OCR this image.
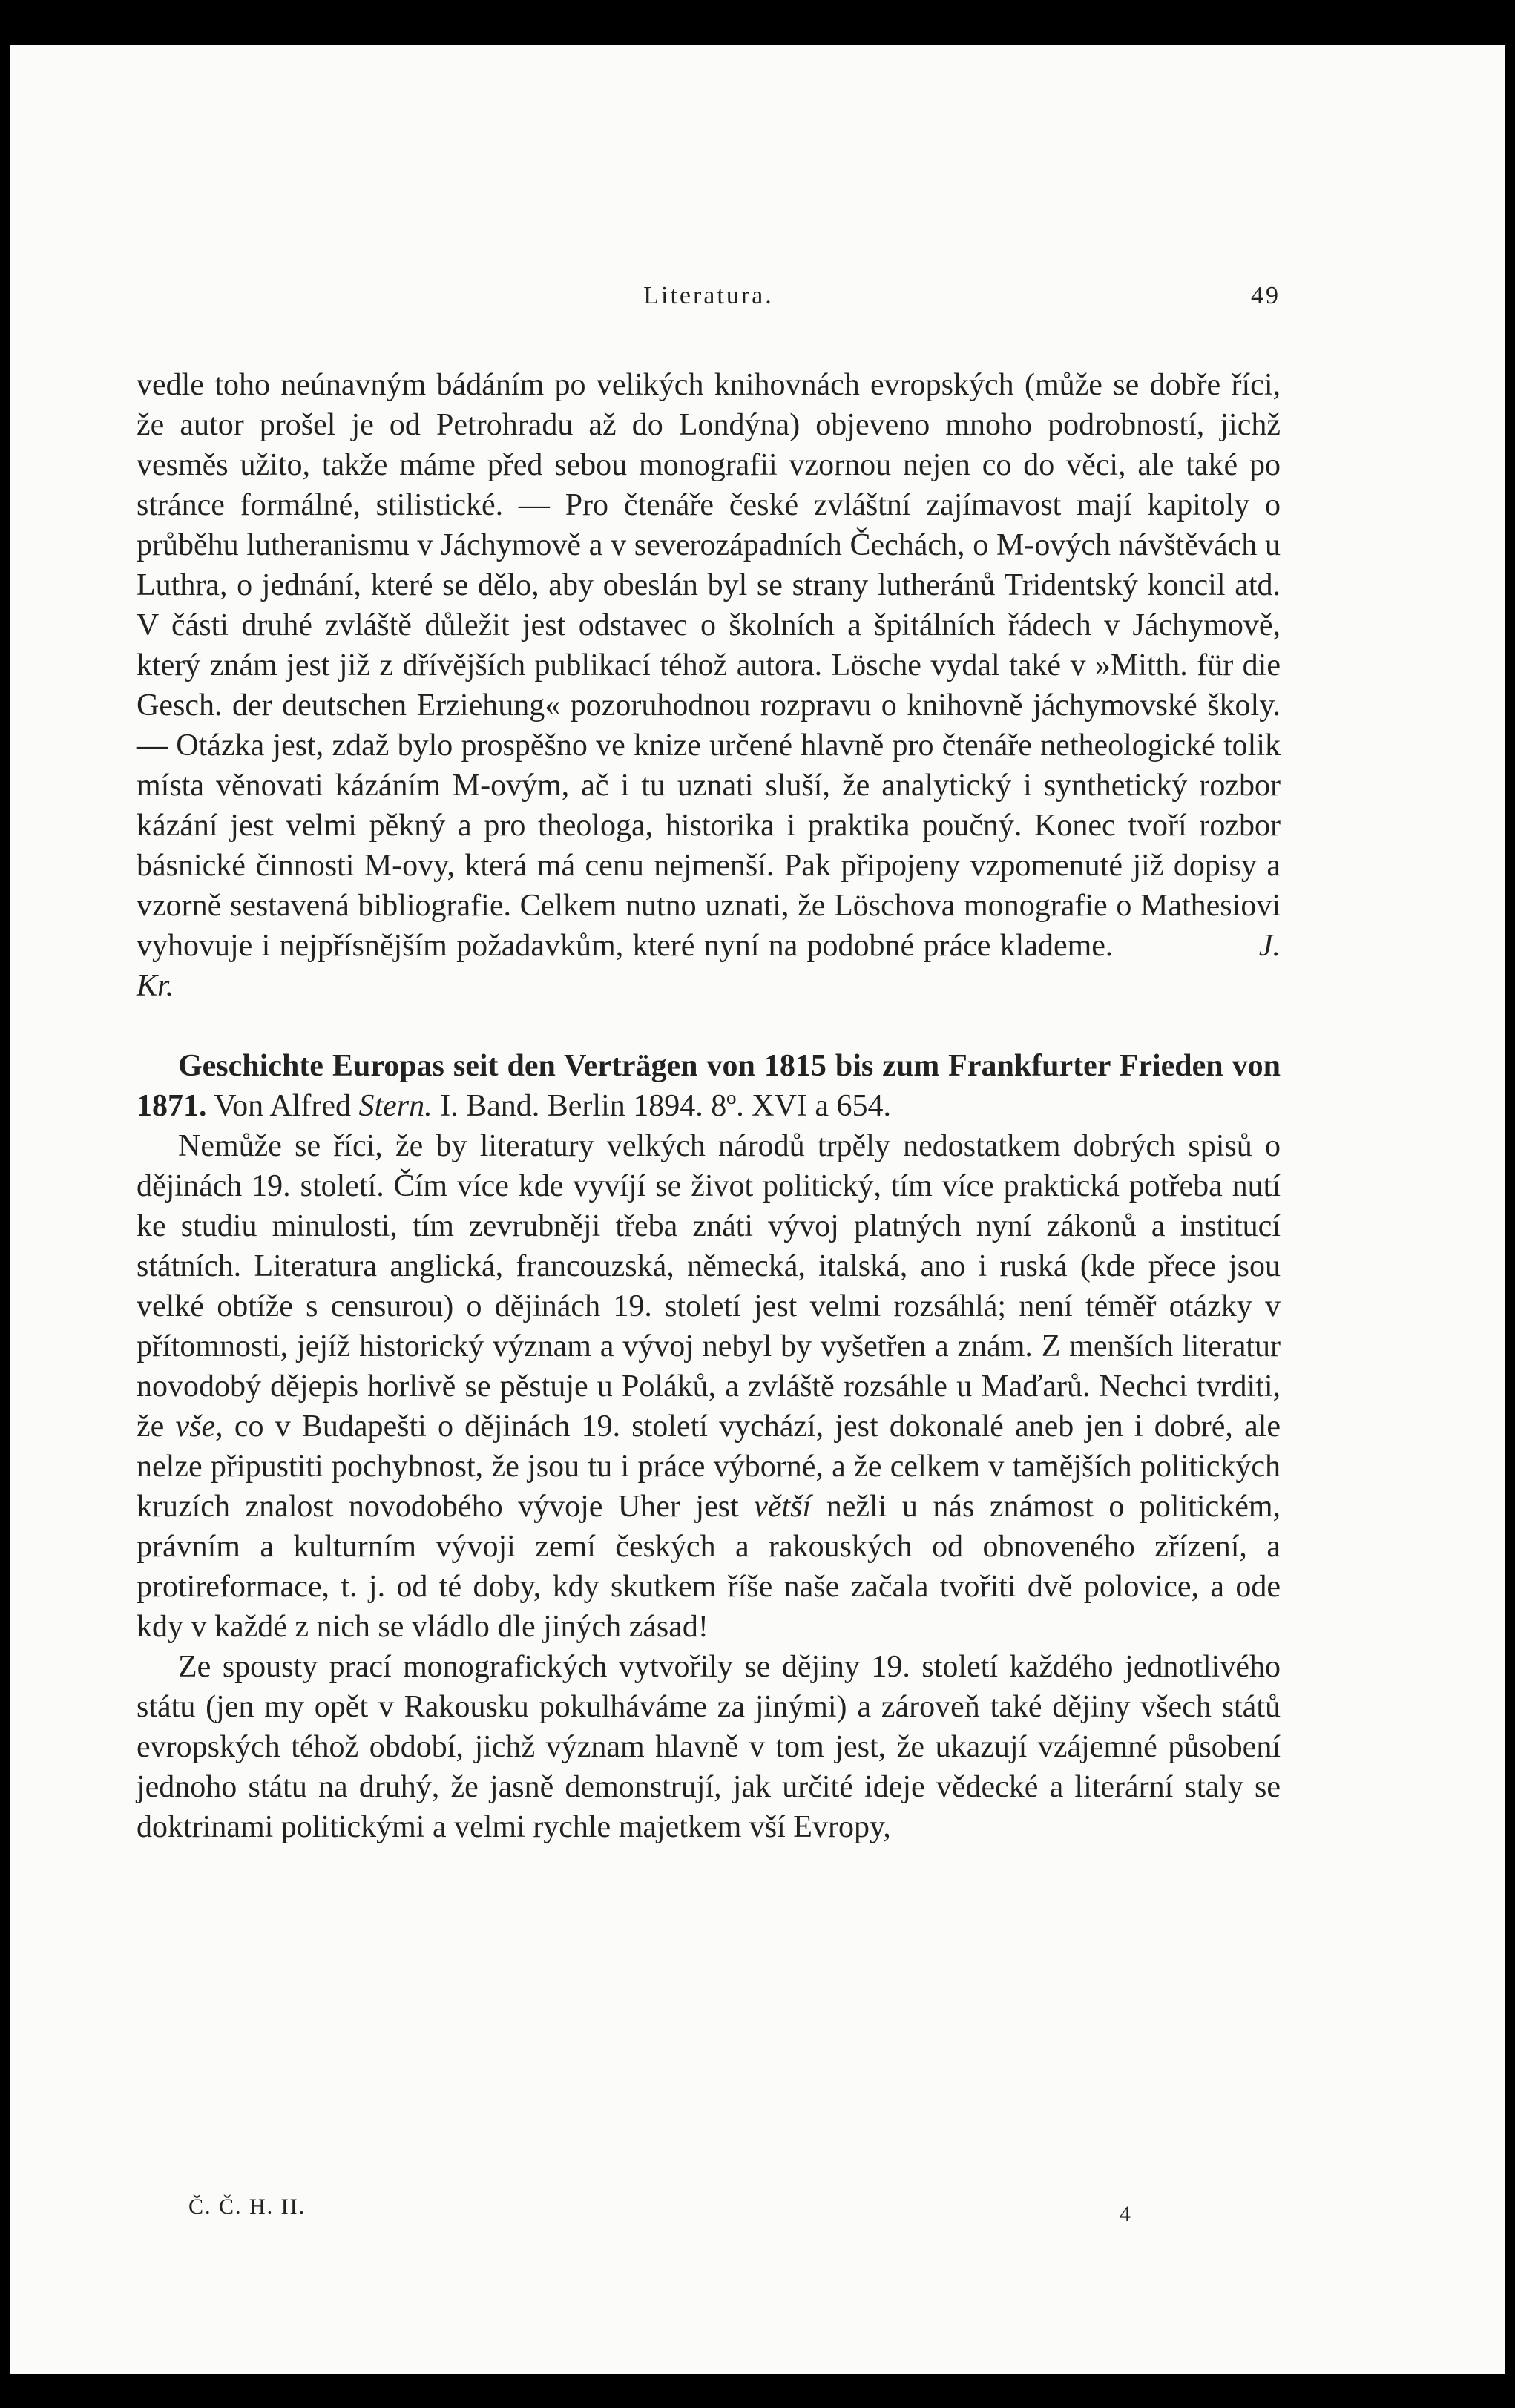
Literatura.	49

vedle toho neúnavným bádáním po velikých knihovnách evropských (může se dobře říci, že autor prošel je od Petrohradu až do Londýna) objeveno mnoho podrobností, jichž vesměs užito, takže máme před sebou monografii vzornou nejen co do věci, ale také po stránce formálné, stilistické. — Pro čtenáře české zvláštní zajímavost mají kapitoly o průběhu lutheranismu v Jáchymově a v severozápadních Čechách, o M-ových návštěvách u Luthra, o jednání, které se dělo, aby obeslán byl se strany lutheránů Tridentský koncil atd. V části druhé zvláště důležit jest odstavec o školních a špitálních řádech v Jáchymově, který znám jest již z dřívějších publikací téhož autora. Lösche vydal také v »Mitth. für die Gesch. der deutschen Erziehung« pozoruhodnou rozpravu o knihovně jáchymovské školy. — Otázka jest, zdaž bylo prospěšno ve knize určené hlavně pro čtenáře netheologické tolik místa věnovati kázáním M-ovým, ač i tu uznati sluší, že analytický i synthetický rozbor kázání jest velmi pěkný a pro theologa, historika i praktika poučný. Konec tvoří rozbor básnické činnosti M-ovy, která má cenu nejmenší. Pak připojeny vzpomenuté již dopisy a vzorně sestavená bibliografie. Celkem nutno uznati, že Löschova monografie o Mathesiovi vyhovuje i nejpřísnějším požadavkům, které nyní na podobné práce klademe.	J. Kr.

Geschichte Europas seit den Verträgen von 1815 bis zum Frankfurter Frieden von 1871. Von Alfred Stern. I. Band. Berlin 1894. 8º. XVI a 654.

Nemůže se říci, že by literatury velkých národů trpěly nedostatkem dobrých spisů o dějinách 19. století. Čím více kde vyvíjí se život politický, tím více praktická potřeba nutí ke studiu minulosti, tím zevrubněji třeba znáti vývoj platných nyní zákonů a institucí státních. Literatura anglická, francouzská, německá, italská, ano i ruská (kde přece jsou velké obtíže s censurou) o dějinách 19. století jest velmi rozsáhlá; není téměř otázky v přítomnosti, jejíž historický význam a vývoj nebyl by vyšetřen a znám. Z menších literatur novodobý dějepis horlivě se pěstuje u Poláků, a zvláště rozsáhle u Maďarů. Nechci tvrditi, že vše, co v Budapešti o dějinách 19. století vychází, jest dokonalé aneb jen i dobré, ale nelze připustiti pochybnost, že jsou tu i práce výborné, a že celkem v tamějších politických kruzích znalost novodobého vývoje Uher jest větší nežli u nás známost o politickém, právním a kulturním vývoji zemí českých a rakouských od obnoveného zřízení, a protireformace, t. j. od té doby, kdy skutkem říše naše začala tvořiti dvě polovice, a ode kdy v každé z nich se vládlo dle jiných zásad!

Ze spousty prací monografických vytvořily se dějiny 19. století každého jednotlivého státu (jen my opět v Rakousku pokulháváme za jinými) a zároveň také dějiny všech států evropských téhož období, jichž význam hlavně v tom jest, že ukazují vzájemné působení jednoho státu na druhý, že jasně demonstrují, jak určité ideje vědecké a literární staly se doktrinami politickými a velmi rychle majetkem vší Evropy,

Č. Č. H. II.	4
